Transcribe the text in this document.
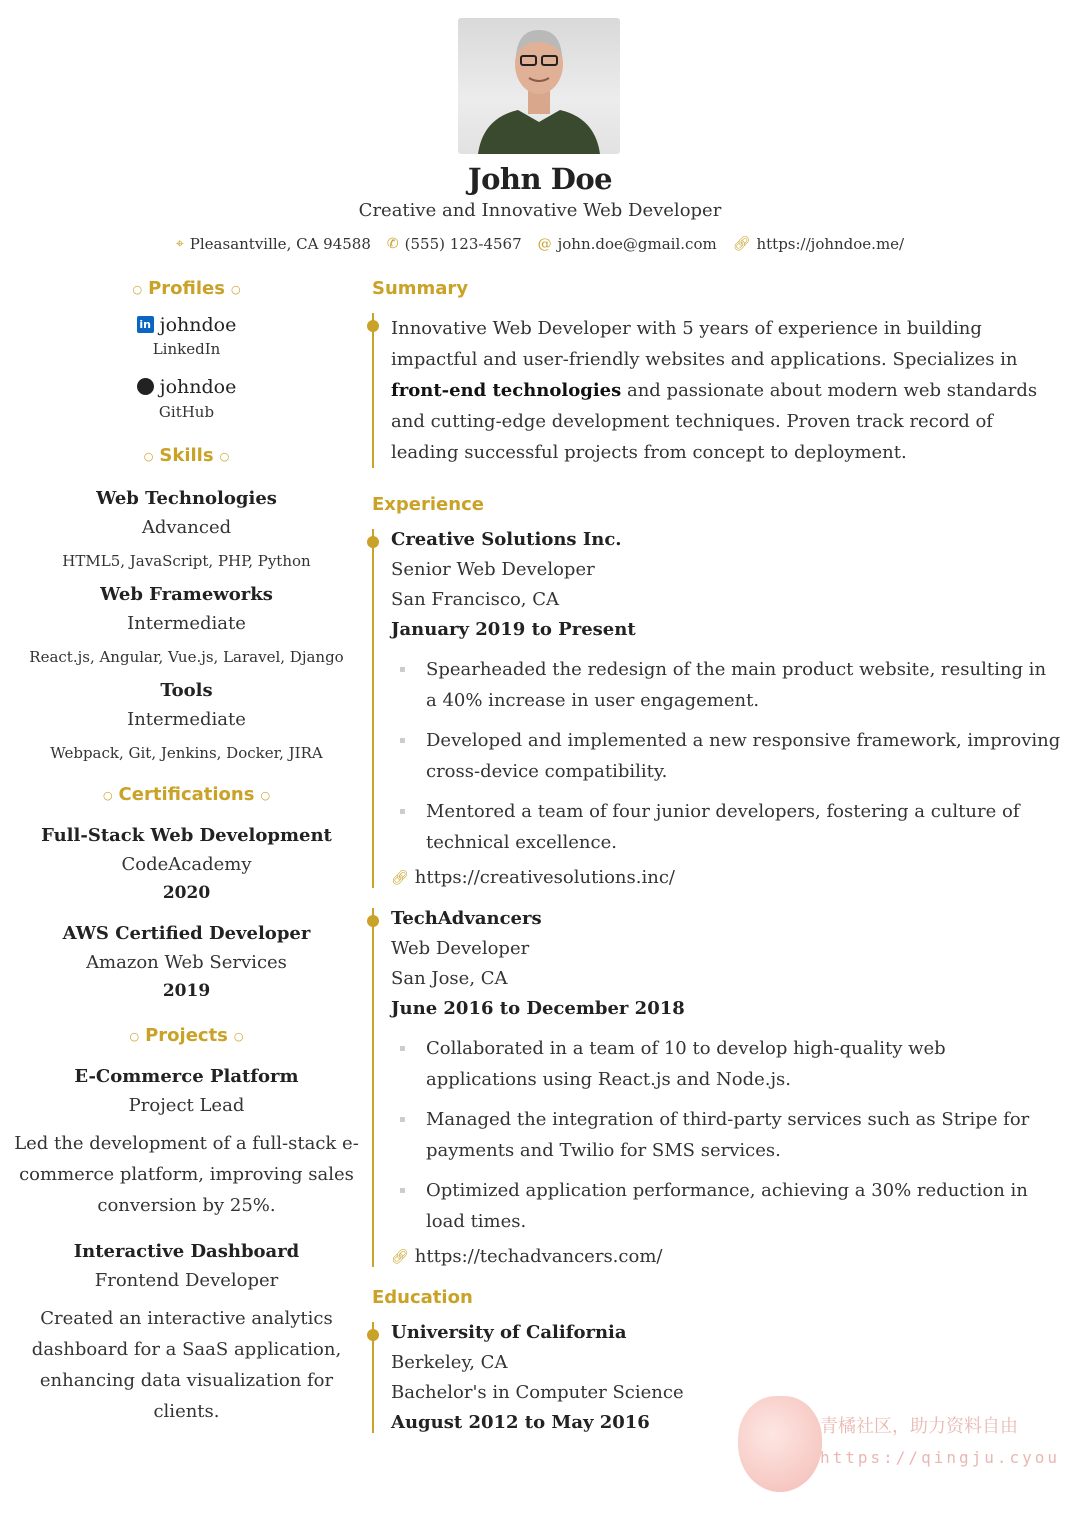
John Doe
Creative and Innovative Web Developer
⌖ Pleasantville, CA 94588 ✆ (555) 123-4567 @ john.doe@gmail.com 🔗︎ https://johndoe.me/
○ Profiles ○
in johndoe
LinkedIn
johndoe
GitHub
○ Skills ○
Web Technologies
Advanced
HTML5, JavaScript, PHP, Python
Web Frameworks
Intermediate
React.js, Angular, Vue.js, Laravel, Django
Tools
Intermediate
Webpack, Git, Jenkins, Docker, JIRA
○ Certifications ○
Full-Stack Web Development
CodeAcademy
2020
AWS Certified Developer
Amazon Web Services
2019
○ Projects ○
E-Commerce Platform
Project Lead
Led the development of a full-stack e-commerce platform, improving sales conversion by 25%.
Interactive Dashboard
Frontend Developer
Created an interactive analytics dashboard for a SaaS application, enhancing data visualization for clients.
Summary
Innovative Web Developer with 5 years of experience in building impactful and user-friendly websites and applications. Specializes in front-end technologies and passionate about modern web standards and cutting-edge development techniques. Proven track record of leading successful projects from concept to deployment.
Experience
Creative Solutions Inc.
Senior Web Developer
San Francisco, CA
January 2019 to Present
▪ Spearheaded the redesign of the main product website, resulting in a 40% increase in user engagement.
▪ Developed and implemented a new responsive framework, improving cross-device compatibility.
▪ Mentored a team of four junior developers, fostering a culture of technical excellence.
🔗︎ https://creativesolutions.inc/
TechAdvancers
Web Developer
San Jose, CA
June 2016 to December 2018
▪ Collaborated in a team of 10 to develop high-quality web applications using React.js and Node.js.
▪ Managed the integration of third-party services such as Stripe for payments and Twilio for SMS services.
▪ Optimized application performance, achieving a 30% reduction in load times.
🔗︎ https://techadvancers.com/
Education
University of California
Berkeley, CA
Bachelor's in Computer Science
August 2012 to May 2016	青橘社区，助力资料自由
https://qingju.cyou
